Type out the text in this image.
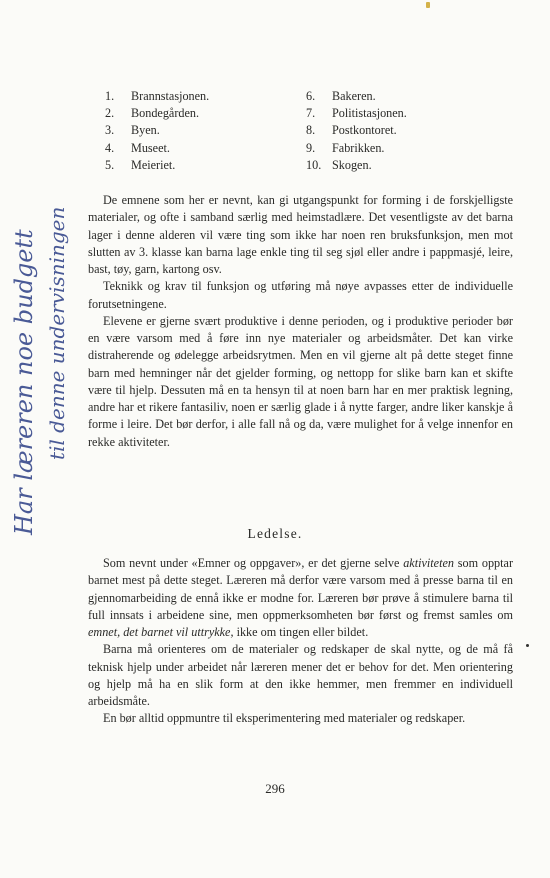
Har læreren noe budgett til denne undervisningen
1.	Brannstasjonen.
2.	Bondegården.
3.	Byen.
4.	Museet.
5.	Meieriet.
6.	Bakeren.
7.	Politistasjonen.
8.	Postkontoret.
9.	Fabrikken.
10. Skogen.

De emnene som her er nevnt, kan gi utgangspunkt for forming i de forskjelligste materialer, og ofte i samband særlig med heimstadlære. Det vesentligste av det barna lager i denne alderen vil være ting som ikke har noen ren bruksfunksjon, men mot slutten av 3. klasse kan barna lage enkle ting til seg sjøl eller andre i pappmasjé, leire, bast, tøy, garn, kartong osv.

Teknikk og krav til funksjon og utføring må nøye avpasses etter de individuelle forutsetningene.

Elevene er gjerne svært produktive i denne perioden, og i produktive perioder bør en være varsom med å føre inn nye materialer og arbeidsmåter. Det kan virke distraherende og ødelegge arbeidsrytmen. Men en vil gjerne alt på dette steget finne barn med hemninger når det gjelder forming, og nettopp for slike barn kan et skifte være til hjelp. Dessuten må en ta hensyn til at noen barn har en mer praktisk legning, andre har et rikere fantasiliv, noen er særlig glade i å nytte farger, andre liker kanskje å forme i leire. Det bør derfor, i alle fall nå og da, være mulighet for å velge innenfor en rekke aktiviteter.

Ledelse.

Som nevnt under «Emner og oppgaver», er det gjerne selve aktiviteten som opptar barnet mest på dette steget. Læreren må derfor være varsom med å presse barna til en gjennomarbeiding de ennå ikke er modne for. Læreren bør prøve å stimulere barna til full innsats i arbeidene sine, men oppmerksomheten bør først og fremst samles om emnet, det barnet vil uttrykke, ikke om tingen eller bildet.

Barna må orienteres om de materialer og redskaper de skal nytte, og de må få teknisk hjelp under arbeidet når læreren mener det er behov for det. Men orientering og hjelp må ha en slik form at den ikke hemmer, men fremmer en individuell arbeidsmåte.

En bør alltid oppmuntre til eksperimentering med materialer og redskaper.

296
